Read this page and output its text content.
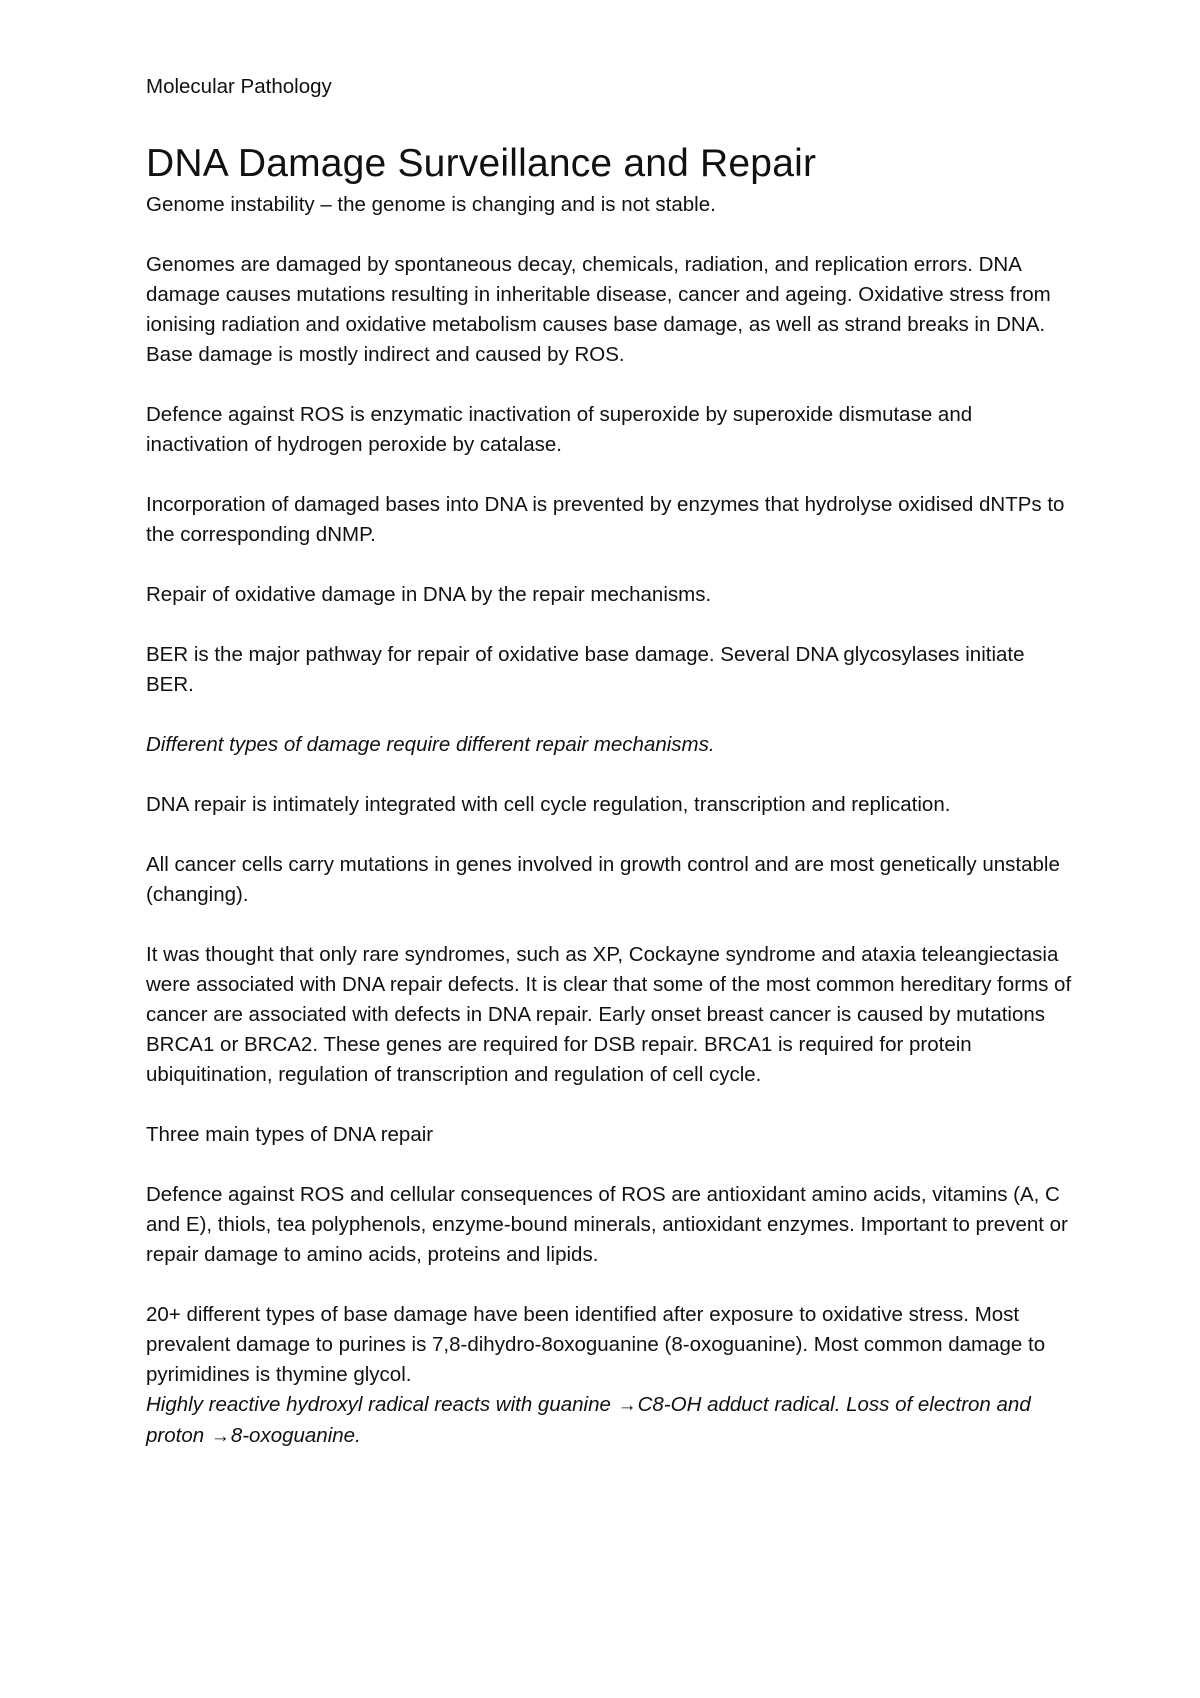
Molecular Pathology
DNA Damage Surveillance and Repair
Genome instability – the genome is changing and is not stable.
Genomes are damaged by spontaneous decay, chemicals, radiation, and replication errors. DNA damage causes mutations resulting in inheritable disease, cancer and ageing. Oxidative stress from ionising radiation and oxidative metabolism causes base damage, as well as strand breaks in DNA. Base damage is mostly indirect and caused by ROS.
Defence against ROS is enzymatic inactivation of superoxide by superoxide dismutase and inactivation of hydrogen peroxide by catalase.
Incorporation of damaged bases into DNA is prevented by enzymes that hydrolyse oxidised dNTPs to the corresponding dNMP.
Repair of oxidative damage in DNA by the repair mechanisms.
BER is the major pathway for repair of oxidative base damage. Several DNA glycosylases initiate BER.
Different types of damage require different repair mechanisms.
DNA repair is intimately integrated with cell cycle regulation, transcription and replication.
All cancer cells carry mutations in genes involved in growth control and are most genetically unstable (changing).
It was thought that only rare syndromes, such as XP, Cockayne syndrome and ataxia teleangiectasia were associated with DNA repair defects. It is clear that some of the most common hereditary forms of cancer are associated with defects in DNA repair. Early onset breast cancer is caused by mutations BRCA1 or BRCA2. These genes are required for DSB repair. BRCA1 is required for protein ubiquitination, regulation of transcription and regulation of cell cycle.
Three main types of DNA repair
Defence against ROS and cellular consequences of ROS are antioxidant amino acids, vitamins (A, C and E), thiols, tea polyphenols, enzyme-bound minerals, antioxidant enzymes. Important to prevent or repair damage to amino acids, proteins and lipids.
20+ different types of base damage have been identified after exposure to oxidative stress. Most prevalent damage to purines is 7,8-dihydro-8oxoguanine (8-oxoguanine). Most common damage to pyrimidines is thymine glycol.
Highly reactive hydroxyl radical reacts with guanine →C8-OH adduct radical. Loss of electron and proton →8-oxoguanine.
